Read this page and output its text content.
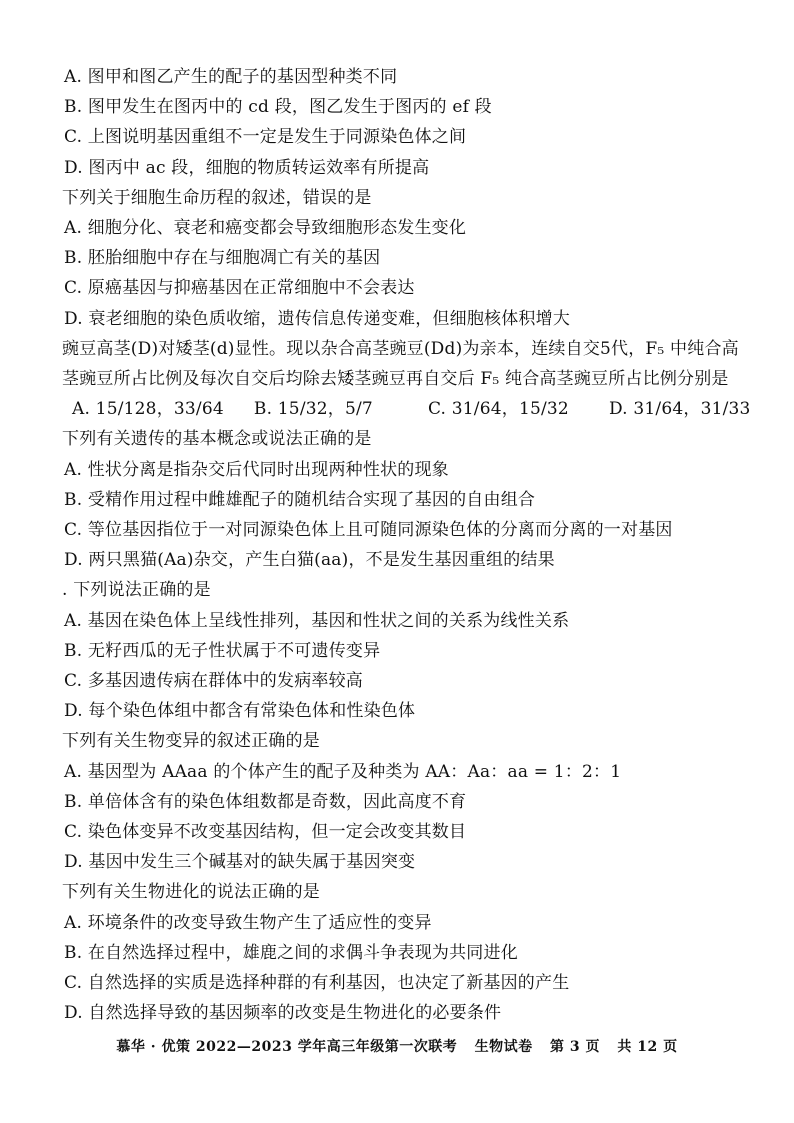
A. 图甲和图乙产生的配子的基因型种类不同
B. 图甲发生在图丙中的 cd 段，图乙发生于图丙的 ef 段
C. 上图说明基因重组不一定是发生于同源染色体之间
D. 图丙中 ac 段，细胞的物质转运效率有所提高
下列关于细胞生命历程的叙述，错误的是
A. 细胞分化、衰老和癌变都会导致细胞形态发生变化
B. 胚胎细胞中存在与细胞凋亡有关的基因
C. 原癌基因与抑癌基因在正常细胞中不会表达
D. 衰老细胞的染色质收缩，遗传信息传递变难，但细胞核体积增大
豌豆高茎(D)对矮茎(d)显性。现以杂合高茎豌豆(Dd)为亲本，连续自交5代，F₅ 中纯合高
茎豌豆所占比例及每次自交后均除去矮茎豌豆再自交后 F₅ 纯合高茎豌豆所占比例分别是
A. 15/128，33/64 B. 15/32，5/7	C. 31/64，15/32 D. 31/64，31/33
下列有关遗传的基本概念或说法正确的是
A. 性状分离是指杂交后代同时出现两种性状的现象
B. 受精作用过程中雌雄配子的随机结合实现了基因的自由组合
C. 等位基因指位于一对同源染色体上且可随同源染色体的分离而分离的一对基因
D. 两只黑猫(Aa)杂交，产生白猫(aa)，不是发生基因重组的结果
. 下列说法正确的是
A. 基因在染色体上呈线性排列，基因和性状之间的关系为线性关系
B. 无籽西瓜的无子性状属于不可遗传变异
C. 多基因遗传病在群体中的发病率较高
D. 每个染色体组中都含有常染色体和性染色体
下列有关生物变异的叙述正确的是
A. 基因型为 AAaa 的个体产生的配子及种类为 AA：Aa：aa = 1：2：1
B. 单倍体含有的染色体组数都是奇数，因此高度不育
C. 染色体变异不改变基因结构，但一定会改变其数目
D. 基因中发生三个碱基对的缺失属于基因突变
下列有关生物进化的说法正确的是
A. 环境条件的改变导致生物产生了适应性的变异
B. 在自然选择过程中，雄鹿之间的求偶斗争表现为共同进化
C. 自然选择的实质是选择种群的有利基因，也决定了新基因的产生
D. 自然选择导致的基因频率的改变是生物进化的必要条件
慕华 · 优策 2022—2023 学年高三年级第一次联考 生物试卷 第 3 页 共 12 页
